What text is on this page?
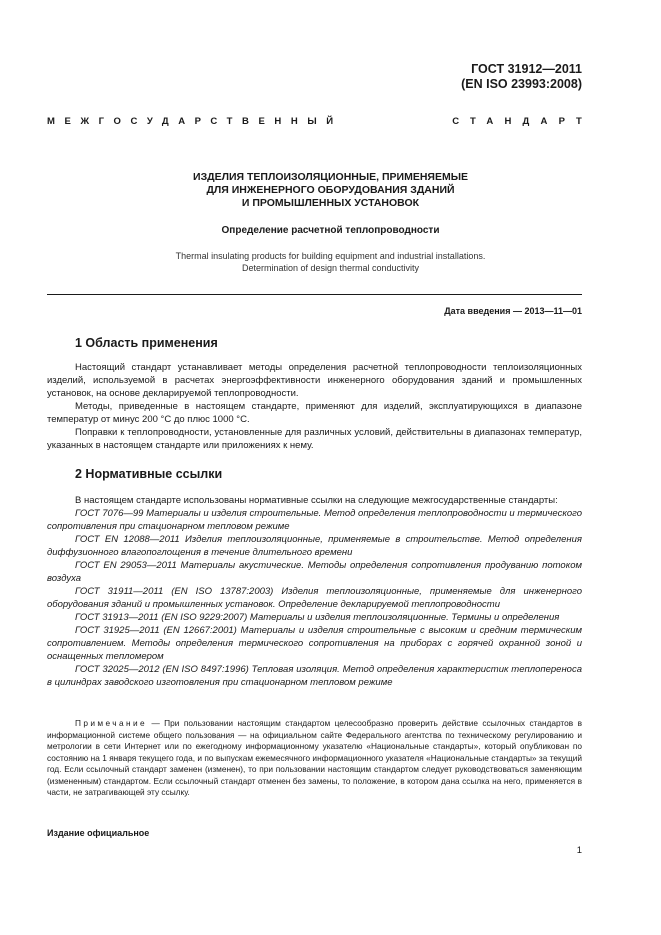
ГОСТ 31912—2011
(EN ISO 23993:2008)
МЕЖГОСУДАРСТВЕННЫЙ	СТАНДАРТ
ИЗДЕЛИЯ ТЕПЛОИЗОЛЯЦИОННЫЕ, ПРИМЕНЯЕМЫЕ
ДЛЯ ИНЖЕНЕРНОГО ОБОРУДОВАНИЯ ЗДАНИЙ
И ПРОМЫШЛЕННЫХ УСТАНОВОК
Определение расчетной теплопроводности
Thermal insulating products for building equipment and industrial installations.
Determination of design thermal conductivity
Дата введения — 2013—11—01
1 Область применения

Настоящий стандарт устанавливает методы определения расчетной теплопроводности теплоизоляционных изделий, используемой в расчетах энергоэффективности инженерного оборудования зданий и промышленных установок, на основе декларируемой теплопроводности.

Методы, приведенные в настоящем стандарте, применяют для изделий, эксплуатирующихся в диапазоне температур от минус 200 °С до плюс 1000 °С.

Поправки к теплопроводности, установленные для различных условий, действительны в диапазонах температур, указанных в настоящем стандарте или приложениях к нему.

2 Нормативные ссылки

В настоящем стандарте использованы нормативные ссылки на следующие межгосударственные стандарты:

ГОСТ 7076—99 Материалы и изделия строительные. Метод определения теплопроводности и термического сопротивления при стационарном тепловом режиме

ГОСТ EN 12088—2011 Изделия теплоизоляционные, применяемые в строительстве. Метод определения диффузионного влагопоглощения в течение длительного времени

ГОСТ EN 29053—2011 Материалы акустические. Методы определения сопротивления продуванию потоком воздуха

ГОСТ 31911—2011 (EN ISO 13787:2003) Изделия теплоизоляционные, применяемые для инженерного оборудования зданий и промышленных установок. Определение декларируемой теплопроводности

ГОСТ 31913—2011 (EN ISO 9229:2007) Материалы и изделия теплоизоляционные. Термины и определения

ГОСТ 31925—2011 (EN 12667:2001) Материалы и изделия строительные с высоким и средним термическим сопротивлением. Методы определения термического сопротивления на приборах с горячей охранной зоной и оснащенных тепломером

ГОСТ 32025—2012 (EN ISO 8497:1996) Тепловая изоляция. Метод определения характеристик теплопереноса в цилиндрах заводского изготовления при стационарном тепловом режиме

Примечание — При пользовании настоящим стандартом целесообразно проверить действие ссылочных стандартов в информационной системе общего пользования — на официальном сайте Федерального агентства по техническому регулированию и метрологии в сети Интернет или по ежегодному информационному указателю «Национальные стандарты», который опубликован по состоянию на 1 января текущего года, и по выпускам ежемесячного информационного указателя «Национальные стандарты» за текущий год. Если ссылочный стандарт заменен (изменен), то при пользовании настоящим стандартом следует руководствоваться заменяющим (измененным) стандартом. Если ссылочный стандарт отменен без замены, то положение, в котором дана ссылка на него, применяется в части, не затрагивающей эту ссылку.
Издание официальное
1
